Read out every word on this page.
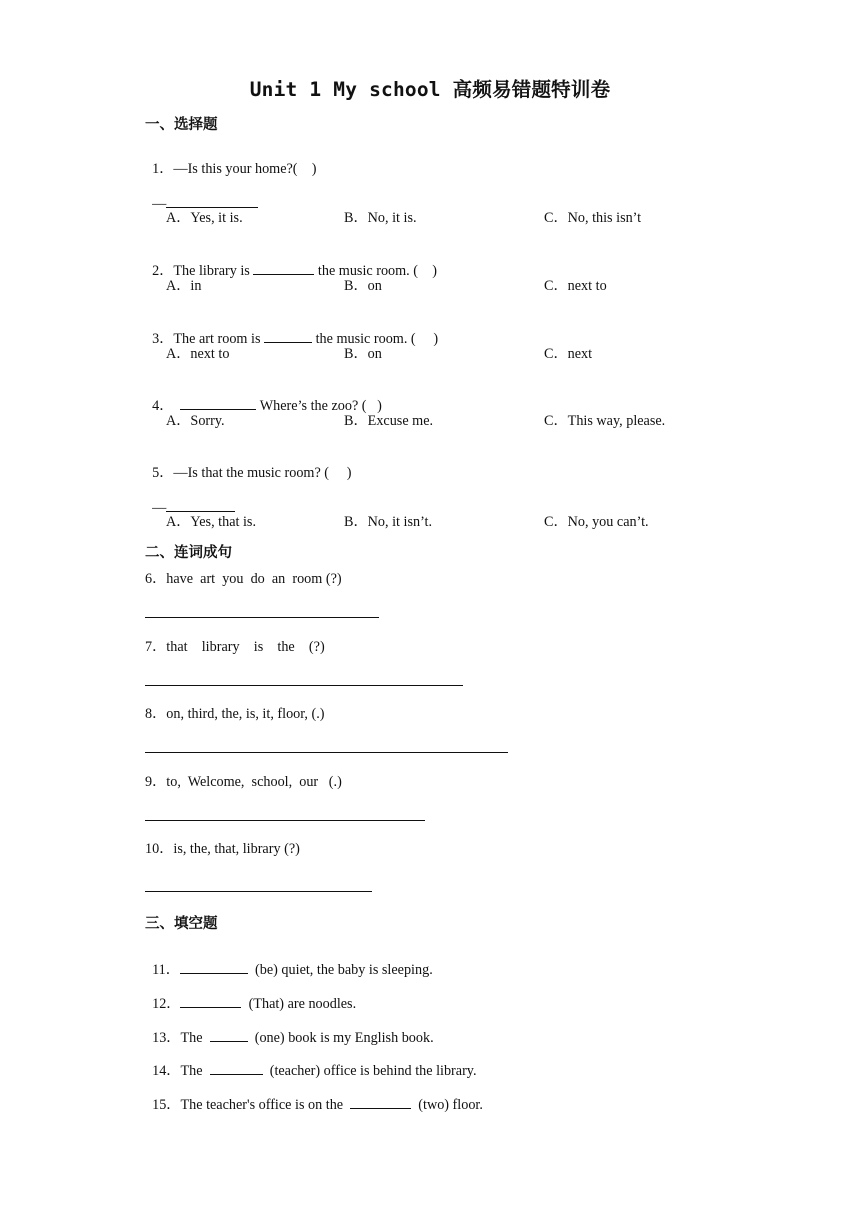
Unit 1 My school 高频易错题特训卷
一、选择题

1．—Is this your home?(    )

—

A．Yes, it is.	B．No, it is.	C．No, this isn’t

2．The library is	the music room. (    )

A．in	B．on	C．next to

3．The art room is	the music room. (     )

A．next to	B．on	C．next

4．	Where’s the zoo? (   )

A．Sorry.	B．Excuse me.	C．This way, please.

5．—Is that the music room? (     )

—

A．Yes, that is.	B．No, it isn’t.	C．No, you can’t.
二、连词成句
6．have  art  you  do  an  room (?)
7．that    library    is    the    (?)
8．on, third, the, is, it, floor, (.)
9．to,  Welcome,  school,  our   (.)
10．is, the, that, library (?)
三、填空题

11．	(be) quiet, the baby is sleeping.

12．	(That) are noodles.

13．The	(one) book is my English book.

14．The	(teacher) office is behind the library.

15．The teacher's office is on the	(two) floor.
